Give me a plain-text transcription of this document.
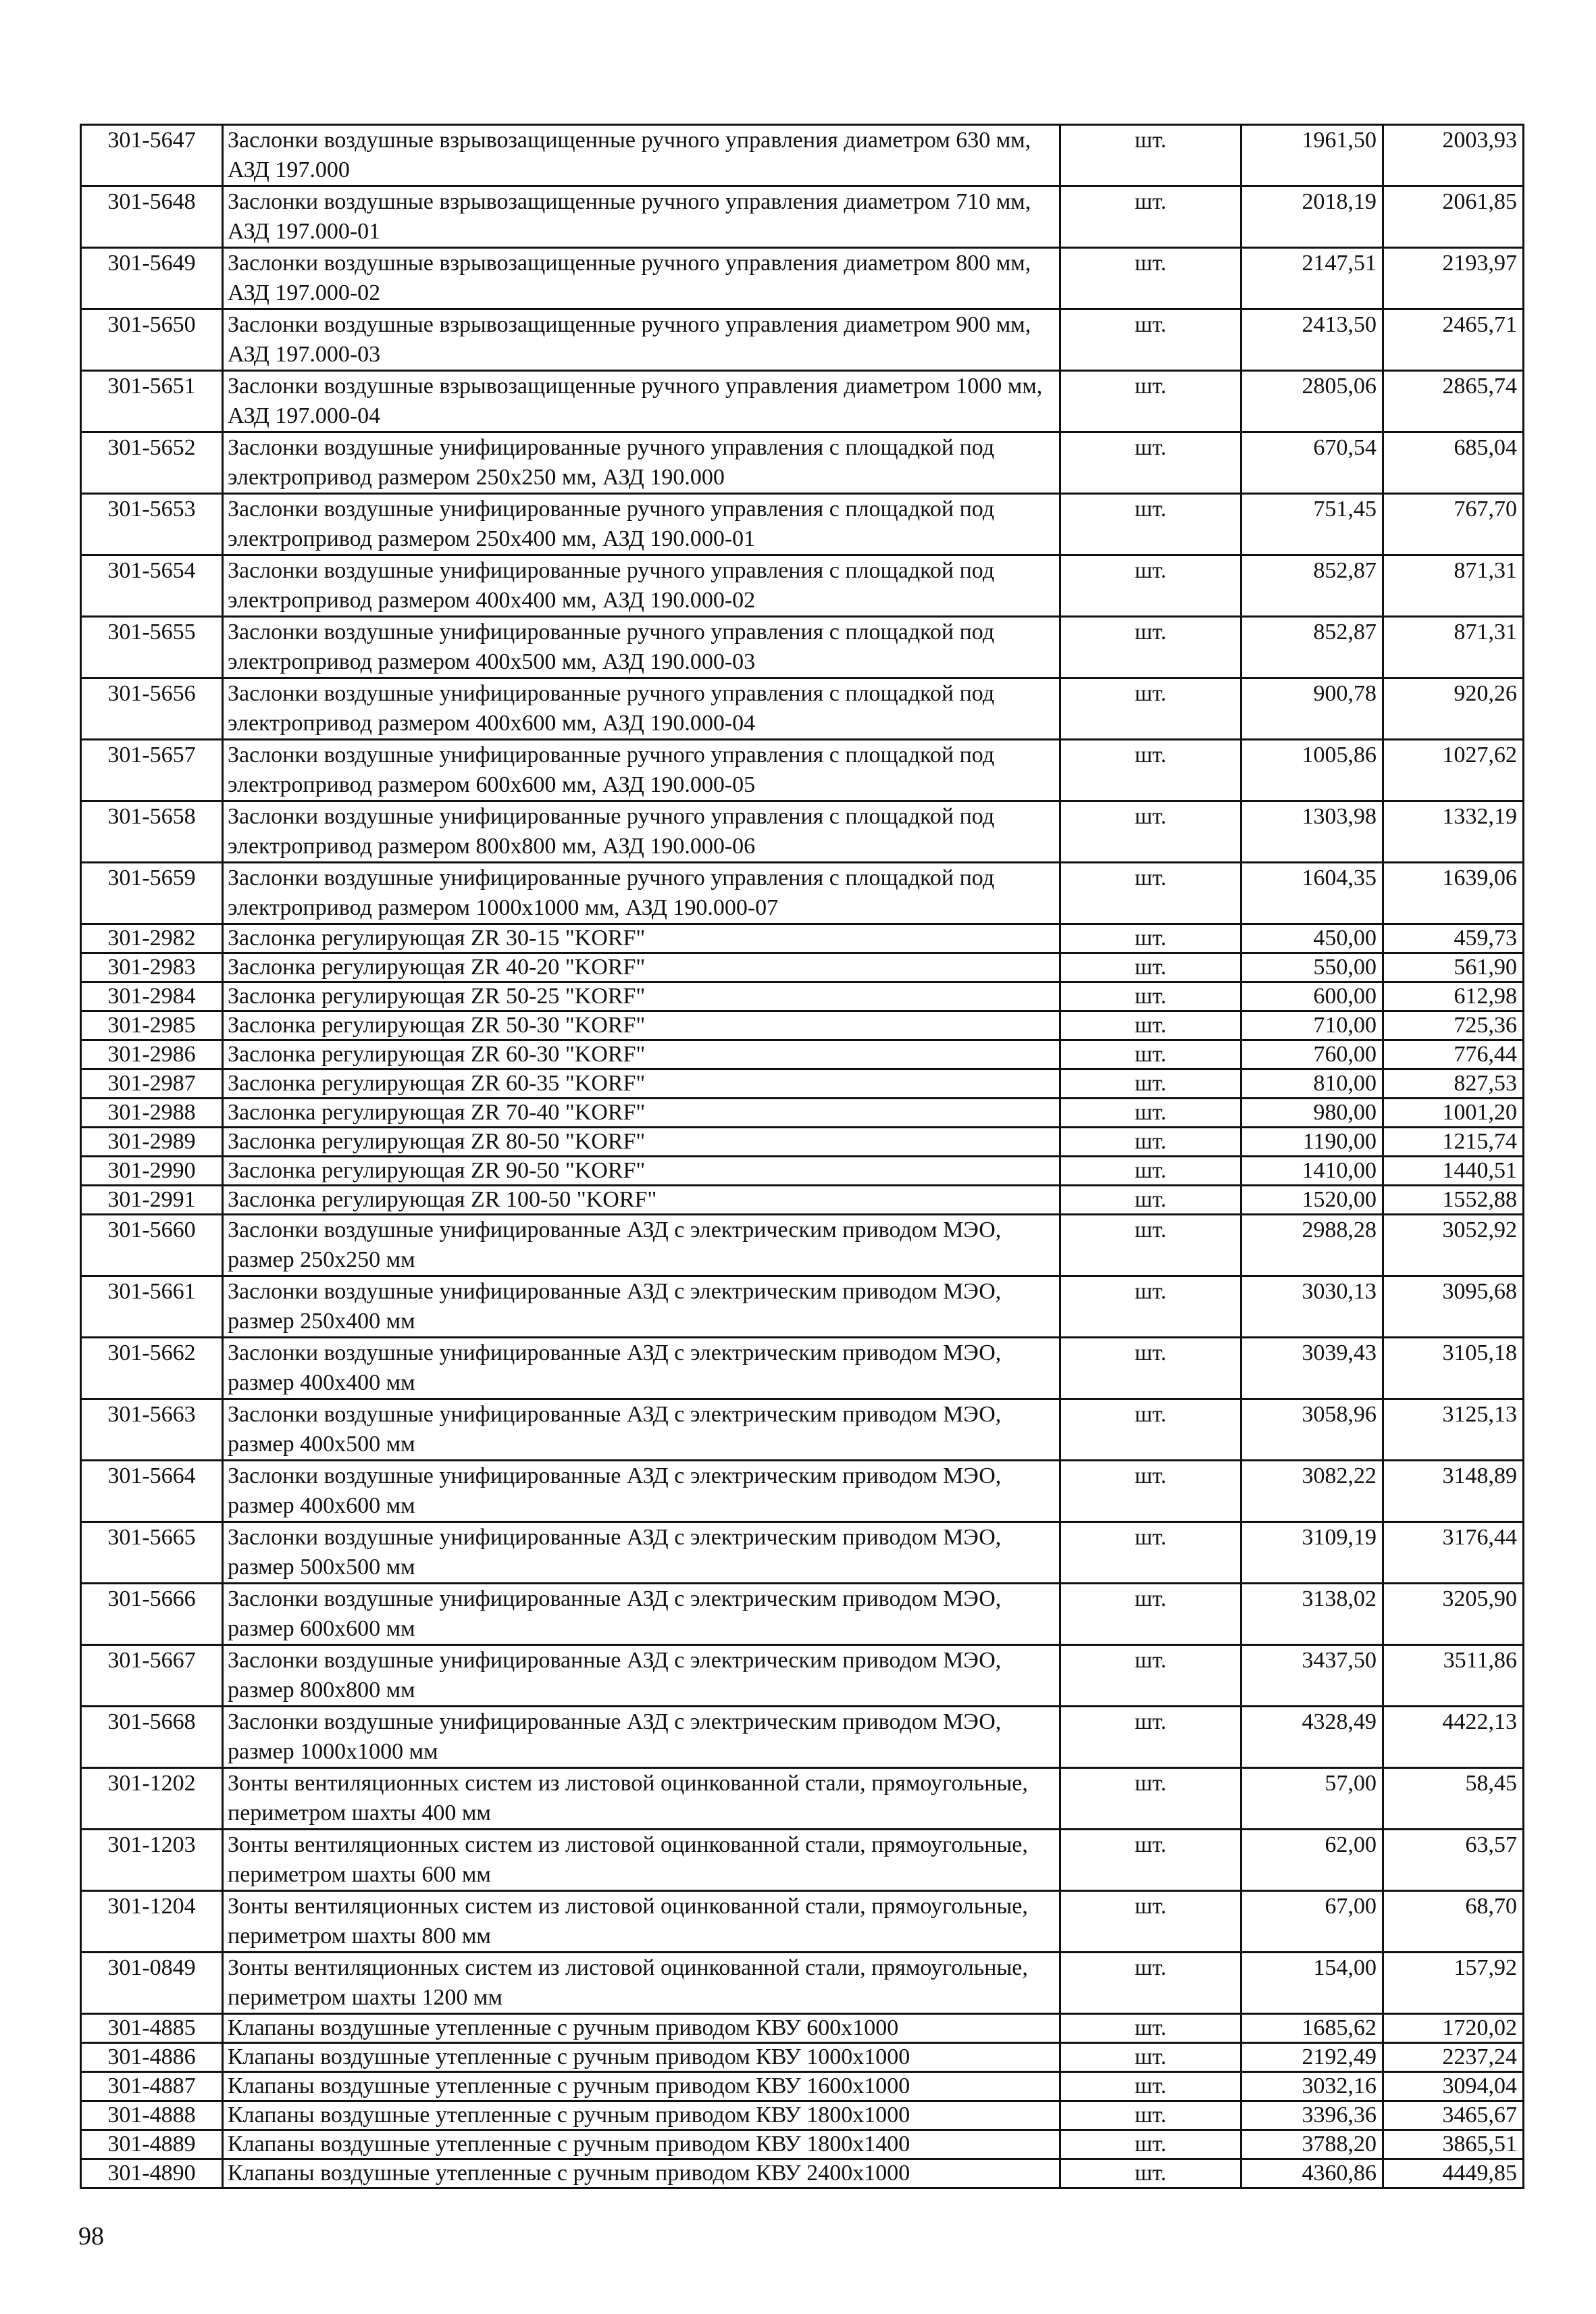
301-5647	Заслонки воздушные взрывозащищенные ручного управления диаметром 630 мм, АЗД 197.000	шт.	1961,50	2003,93
301-5648	Заслонки воздушные взрывозащищенные ручного управления диаметром 710 мм, АЗД 197.000-01	шт.	2018,19	2061,85
301-5649	Заслонки воздушные взрывозащищенные ручного управления диаметром 800 мм, АЗД 197.000-02	шт.	2147,51	2193,97
301-5650	Заслонки воздушные взрывозащищенные ручного управления диаметром 900 мм, АЗД 197.000-03	шт.	2413,50	2465,71
301-5651	Заслонки воздушные взрывозащищенные ручного управления диаметром 1000 мм, АЗД 197.000-04	шт.	2805,06	2865,74
301-5652	Заслонки воздушные унифицированные ручного управления с площадкой под электропривод размером 250х250 мм, АЗД 190.000	шт.	670,54	685,04
301-5653	Заслонки воздушные унифицированные ручного управления с площадкой под электропривод размером 250х400 мм, АЗД 190.000-01	шт.	751,45	767,70
301-5654	Заслонки воздушные унифицированные ручного управления с площадкой под электропривод размером 400х400 мм, АЗД 190.000-02	шт.	852,87	871,31
301-5655	Заслонки воздушные унифицированные ручного управления с площадкой под электропривод размером 400х500 мм, АЗД 190.000-03	шт.	852,87	871,31
301-5656	Заслонки воздушные унифицированные ручного управления с площадкой под электропривод размером 400х600 мм, АЗД 190.000-04	шт.	900,78	920,26
301-5657	Заслонки воздушные унифицированные ручного управления с площадкой под электропривод размером 600х600 мм, АЗД 190.000-05	шт.	1005,86	1027,62
301-5658	Заслонки воздушные унифицированные ручного управления с площадкой под электропривод размером 800х800 мм, АЗД 190.000-06	шт.	1303,98	1332,19
301-5659	Заслонки воздушные унифицированные ручного управления с площадкой под электропривод размером 1000х1000 мм, АЗД 190.000-07	шт.	1604,35	1639,06
301-2982	Заслонка регулирующая ZR 30-15 "KORF"	шт.	450,00	459,73
301-2983	Заслонка регулирующая ZR 40-20 "KORF"	шт.	550,00	561,90
301-2984	Заслонка регулирующая ZR 50-25 "KORF"	шт.	600,00	612,98
301-2985	Заслонка регулирующая ZR 50-30 "KORF"	шт.	710,00	725,36
301-2986	Заслонка регулирующая ZR 60-30 "KORF"	шт.	760,00	776,44
301-2987	Заслонка регулирующая ZR 60-35 "KORF"	шт.	810,00	827,53
301-2988	Заслонка регулирующая ZR 70-40 "KORF"	шт.	980,00	1001,20
301-2989	Заслонка регулирующая ZR 80-50 "KORF"	шт.	1190,00	1215,74
301-2990	Заслонка регулирующая ZR 90-50 "KORF"	шт.	1410,00	1440,51
301-2991	Заслонка регулирующая ZR 100-50 "KORF"	шт.	1520,00	1552,88
301-5660	Заслонки воздушные унифицированные АЗД с электрическим приводом МЭО, размер 250х250 мм	шт.	2988,28	3052,92
301-5661	Заслонки воздушные унифицированные АЗД с электрическим приводом МЭО, размер 250х400 мм	шт.	3030,13	3095,68
301-5662	Заслонки воздушные унифицированные АЗД с электрическим приводом МЭО, размер 400х400 мм	шт.	3039,43	3105,18
301-5663	Заслонки воздушные унифицированные АЗД с электрическим приводом МЭО, размер 400х500 мм	шт.	3058,96	3125,13
301-5664	Заслонки воздушные унифицированные АЗД с электрическим приводом МЭО, размер 400х600 мм	шт.	3082,22	3148,89
301-5665	Заслонки воздушные унифицированные АЗД с электрическим приводом МЭО, размер 500х500 мм	шт.	3109,19	3176,44
301-5666	Заслонки воздушные унифицированные АЗД с электрическим приводом МЭО, размер 600х600 мм	шт.	3138,02	3205,90
301-5667	Заслонки воздушные унифицированные АЗД с электрическим приводом МЭО, размер 800х800 мм	шт.	3437,50	3511,86
301-5668	Заслонки воздушные унифицированные АЗД с электрическим приводом МЭО, размер 1000х1000 мм	шт.	4328,49	4422,13
301-1202	Зонты вентиляционных систем из листовой оцинкованной стали, прямоугольные, периметром шахты 400 мм	шт.	57,00	58,45
301-1203	Зонты вентиляционных систем из листовой оцинкованной стали, прямоугольные, периметром шахты 600 мм	шт.	62,00	63,57
301-1204	Зонты вентиляционных систем из листовой оцинкованной стали, прямоугольные, периметром шахты 800 мм	шт.	67,00	68,70
301-0849	Зонты вентиляционных систем из листовой оцинкованной стали, прямоугольные, периметром шахты 1200 мм	шт.	154,00	157,92
301-4885	Клапаны воздушные утепленные с ручным приводом КВУ 600х1000	шт.	1685,62	1720,02
301-4886	Клапаны воздушные утепленные с ручным приводом КВУ 1000х1000	шт.	2192,49	2237,24
301-4887	Клапаны воздушные утепленные с ручным приводом КВУ 1600х1000	шт.	3032,16	3094,04
301-4888	Клапаны воздушные утепленные с ручным приводом КВУ 1800х1000	шт.	3396,36	3465,67
301-4889	Клапаны воздушные утепленные с ручным приводом КВУ 1800х1400	шт.	3788,20	3865,51
301-4890	Клапаны воздушные утепленные с ручным приводом КВУ 2400х1000	шт.	4360,86	4449,85
98
